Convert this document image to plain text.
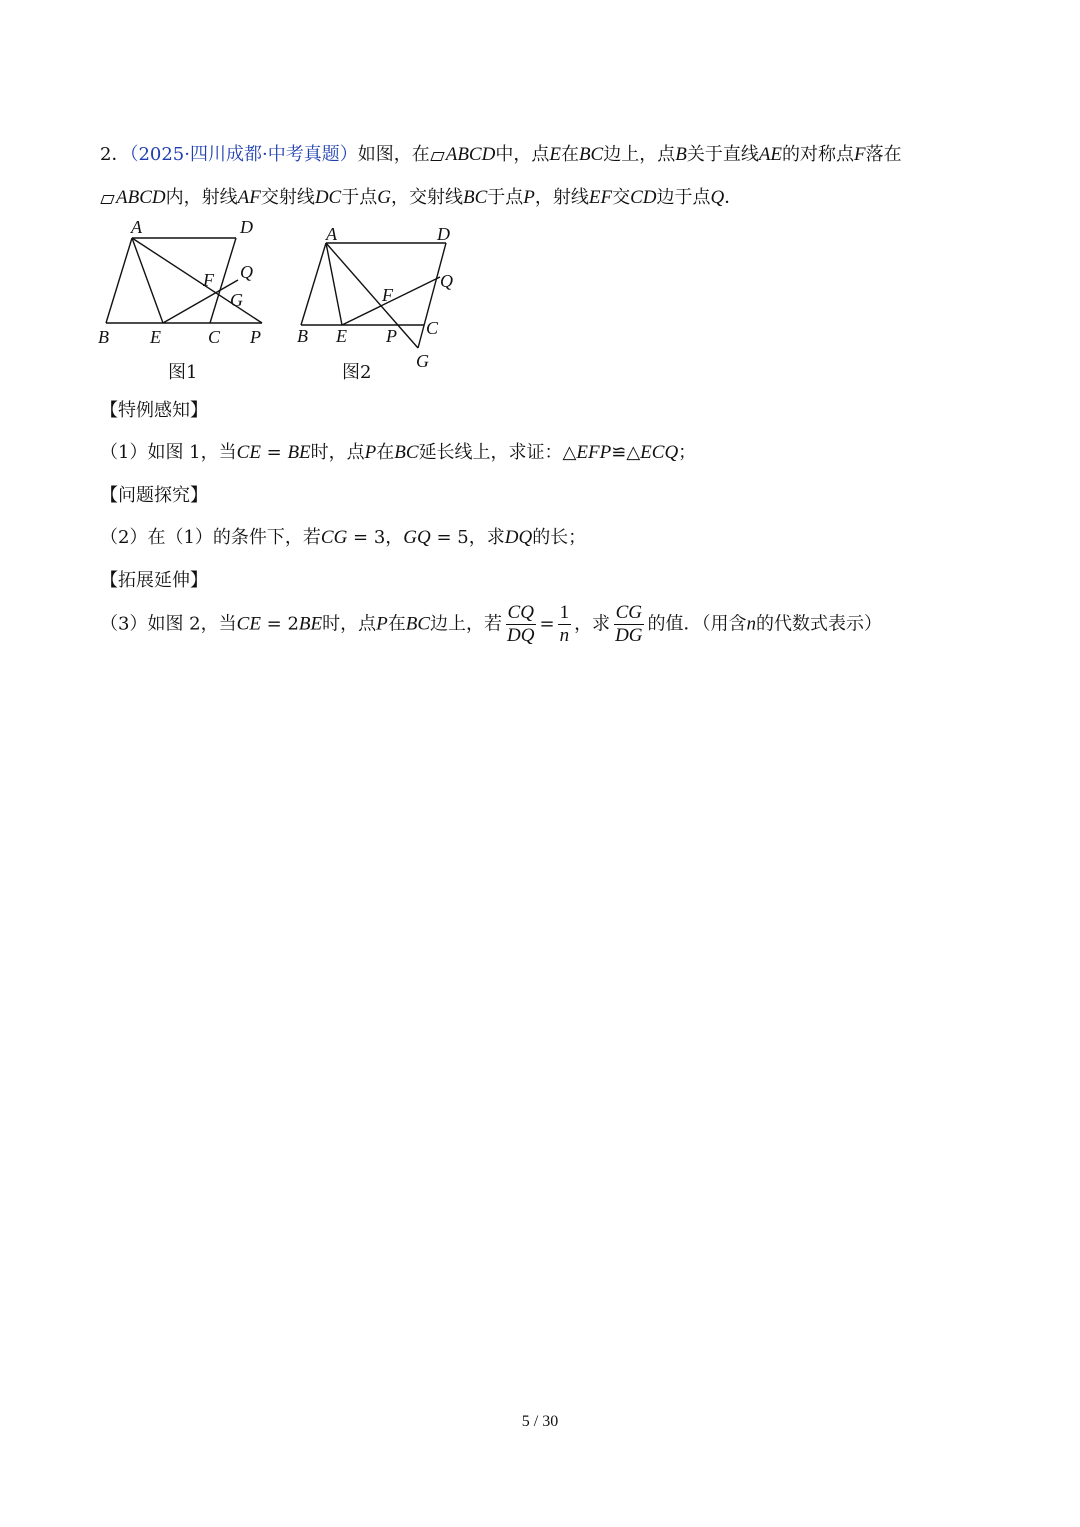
2．（2025·四川成都·中考真题）如图，在 ABCD中，点E在BC边上，点B关于直线AE的对称点F落在
ABCD内，射线AF交射线DC于点G，交射线BC于点P，射线EF交CD边于点Q．
A	D
F Q
G
B E	C P
图1
A	D
Q
F
B E P C
G
图2
【特例感知】
（1）如图 1，当CE = BE时，点P在BC延长线上，求证：△EFP≌△ECQ；
【问题探究】
（2）在（1）的条件下，若CG = 3，GQ = 5，求DQ的长；
【拓展延伸】
（3）如图 2，当CE = 2BE时，点P在BC边上，若 $\frac{CQ}{DQ} = \frac{1}{n}$ ，求 $\frac{CG}{DG}$ 的值．（用含n的代数式表示）
5 / 30
